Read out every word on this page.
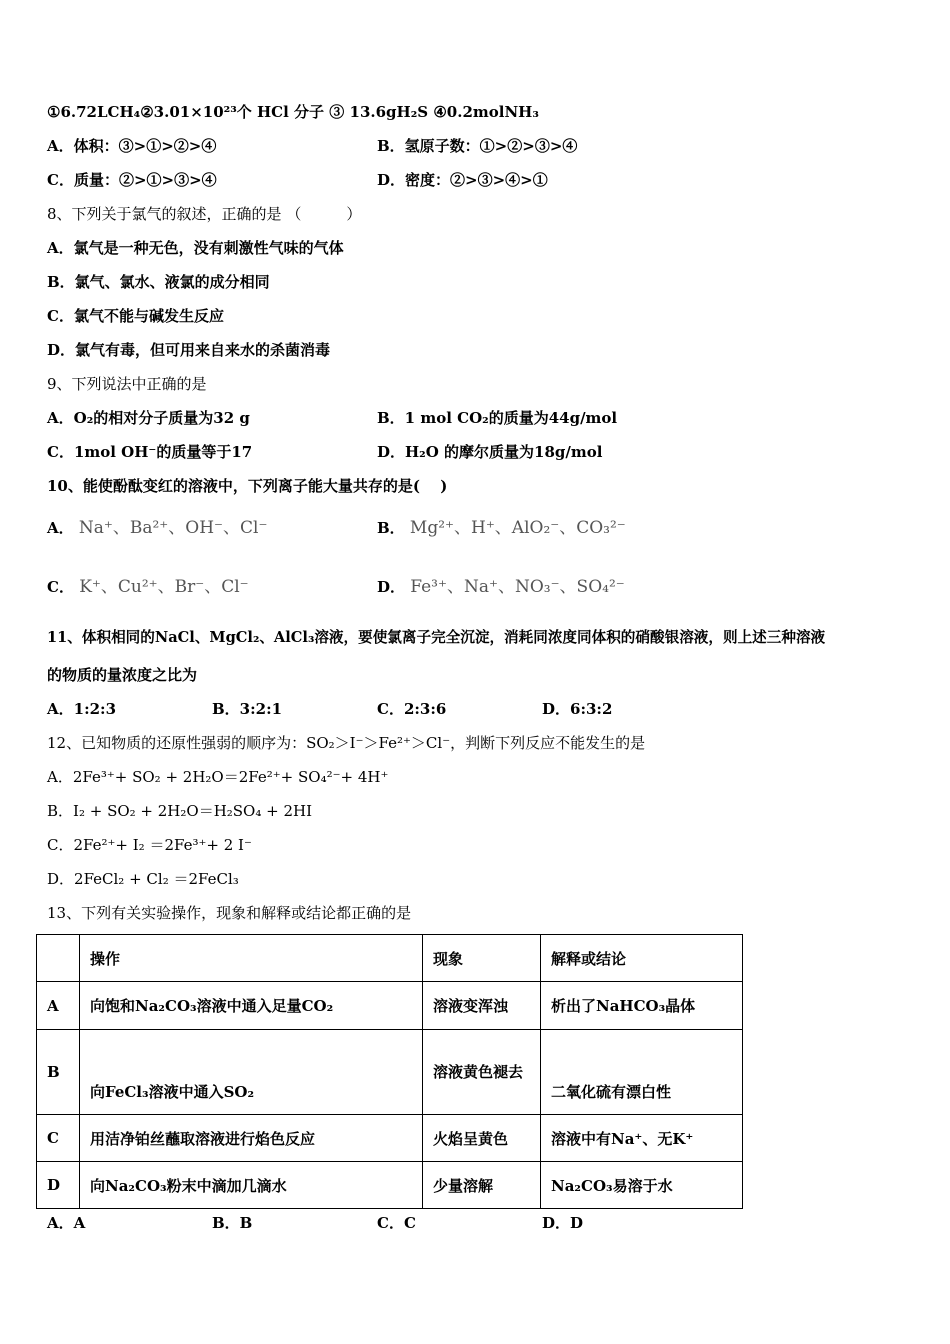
①6.72LCH₄②3.01×10²³个 HCl 分子 ③ 13.6gH₂S ④0.2molNH₃
A．体积：③>①>②>④	B．氢原子数：①>②>③>④
C．质量：②>①>③>④	D．密度：②>③>④>①
8、下列关于氯气的叙述，正确的是 （　　　）
A．氯气是一种无色，没有刺激性气味的气体
B．氯气、氯水、液氯的成分相同
C．氯气不能与碱发生反应
D．氯气有毒，但可用来自来水的杀菌消毒
9、下列说法中正确的是
A．O₂的相对分子质量为32 g	B．1 mol CO₂的质量为44g/mol
C．1mol OH⁻的质量等于17	D．H₂O 的摩尔质量为18g/mol
10、能使酚酞变红的溶液中，下列离子能大量共存的是(　 )
A． Na⁺、Ba²⁺、OH⁻、Cl⁻	B． Mg²⁺、H⁺、AlO₂⁻、CO₃²⁻
C． K⁺、Cu²⁺、Br⁻、Cl⁻	D． Fe³⁺、Na⁺、NO₃⁻、SO₄²⁻
11、体积相同的NaCl、MgCl₂、AlCl₃溶液，要使氯离子完全沉淀，消耗同浓度同体积的硝酸银溶液，则上述三种溶液
的物质的量浓度之比为
A．1:2:3	B．3:2:1	C．2:3:6	D．6:3:2
12、已知物质的还原性强弱的顺序为：SO₂＞I⁻＞Fe²⁺＞Cl⁻，判断下列反应不能发生的是
A．2Fe³⁺+ SO₂ + 2H₂O＝2Fe²⁺+ SO₄²⁻+ 4H⁺
B．I₂ + SO₂ + 2H₂O＝H₂SO₄ + 2HI
C．2Fe²⁺+ I₂ ＝2Fe³⁺+ 2 I⁻
D．2FeCl₂ + Cl₂ ＝2FeCl₃
13、下列有关实验操作，现象和解释或结论都正确的是
	操作	现象	解释或结论
A	向饱和Na₂CO₃溶液中通入足量CO₂	溶液变浑浊	析出了NaHCO₃晶体
B	向FeCl₃溶液中通入SO₂	溶液黄色褪去	二氧化硫有漂白性
C	用洁净铂丝蘸取溶液进行焰色反应	火焰呈黄色	溶液中有Na⁺、无K⁺
D	向Na₂CO₃粉末中滴加几滴水	少量溶解	Na₂CO₃易溶于水
A．A	B．B	C．C	D．D
